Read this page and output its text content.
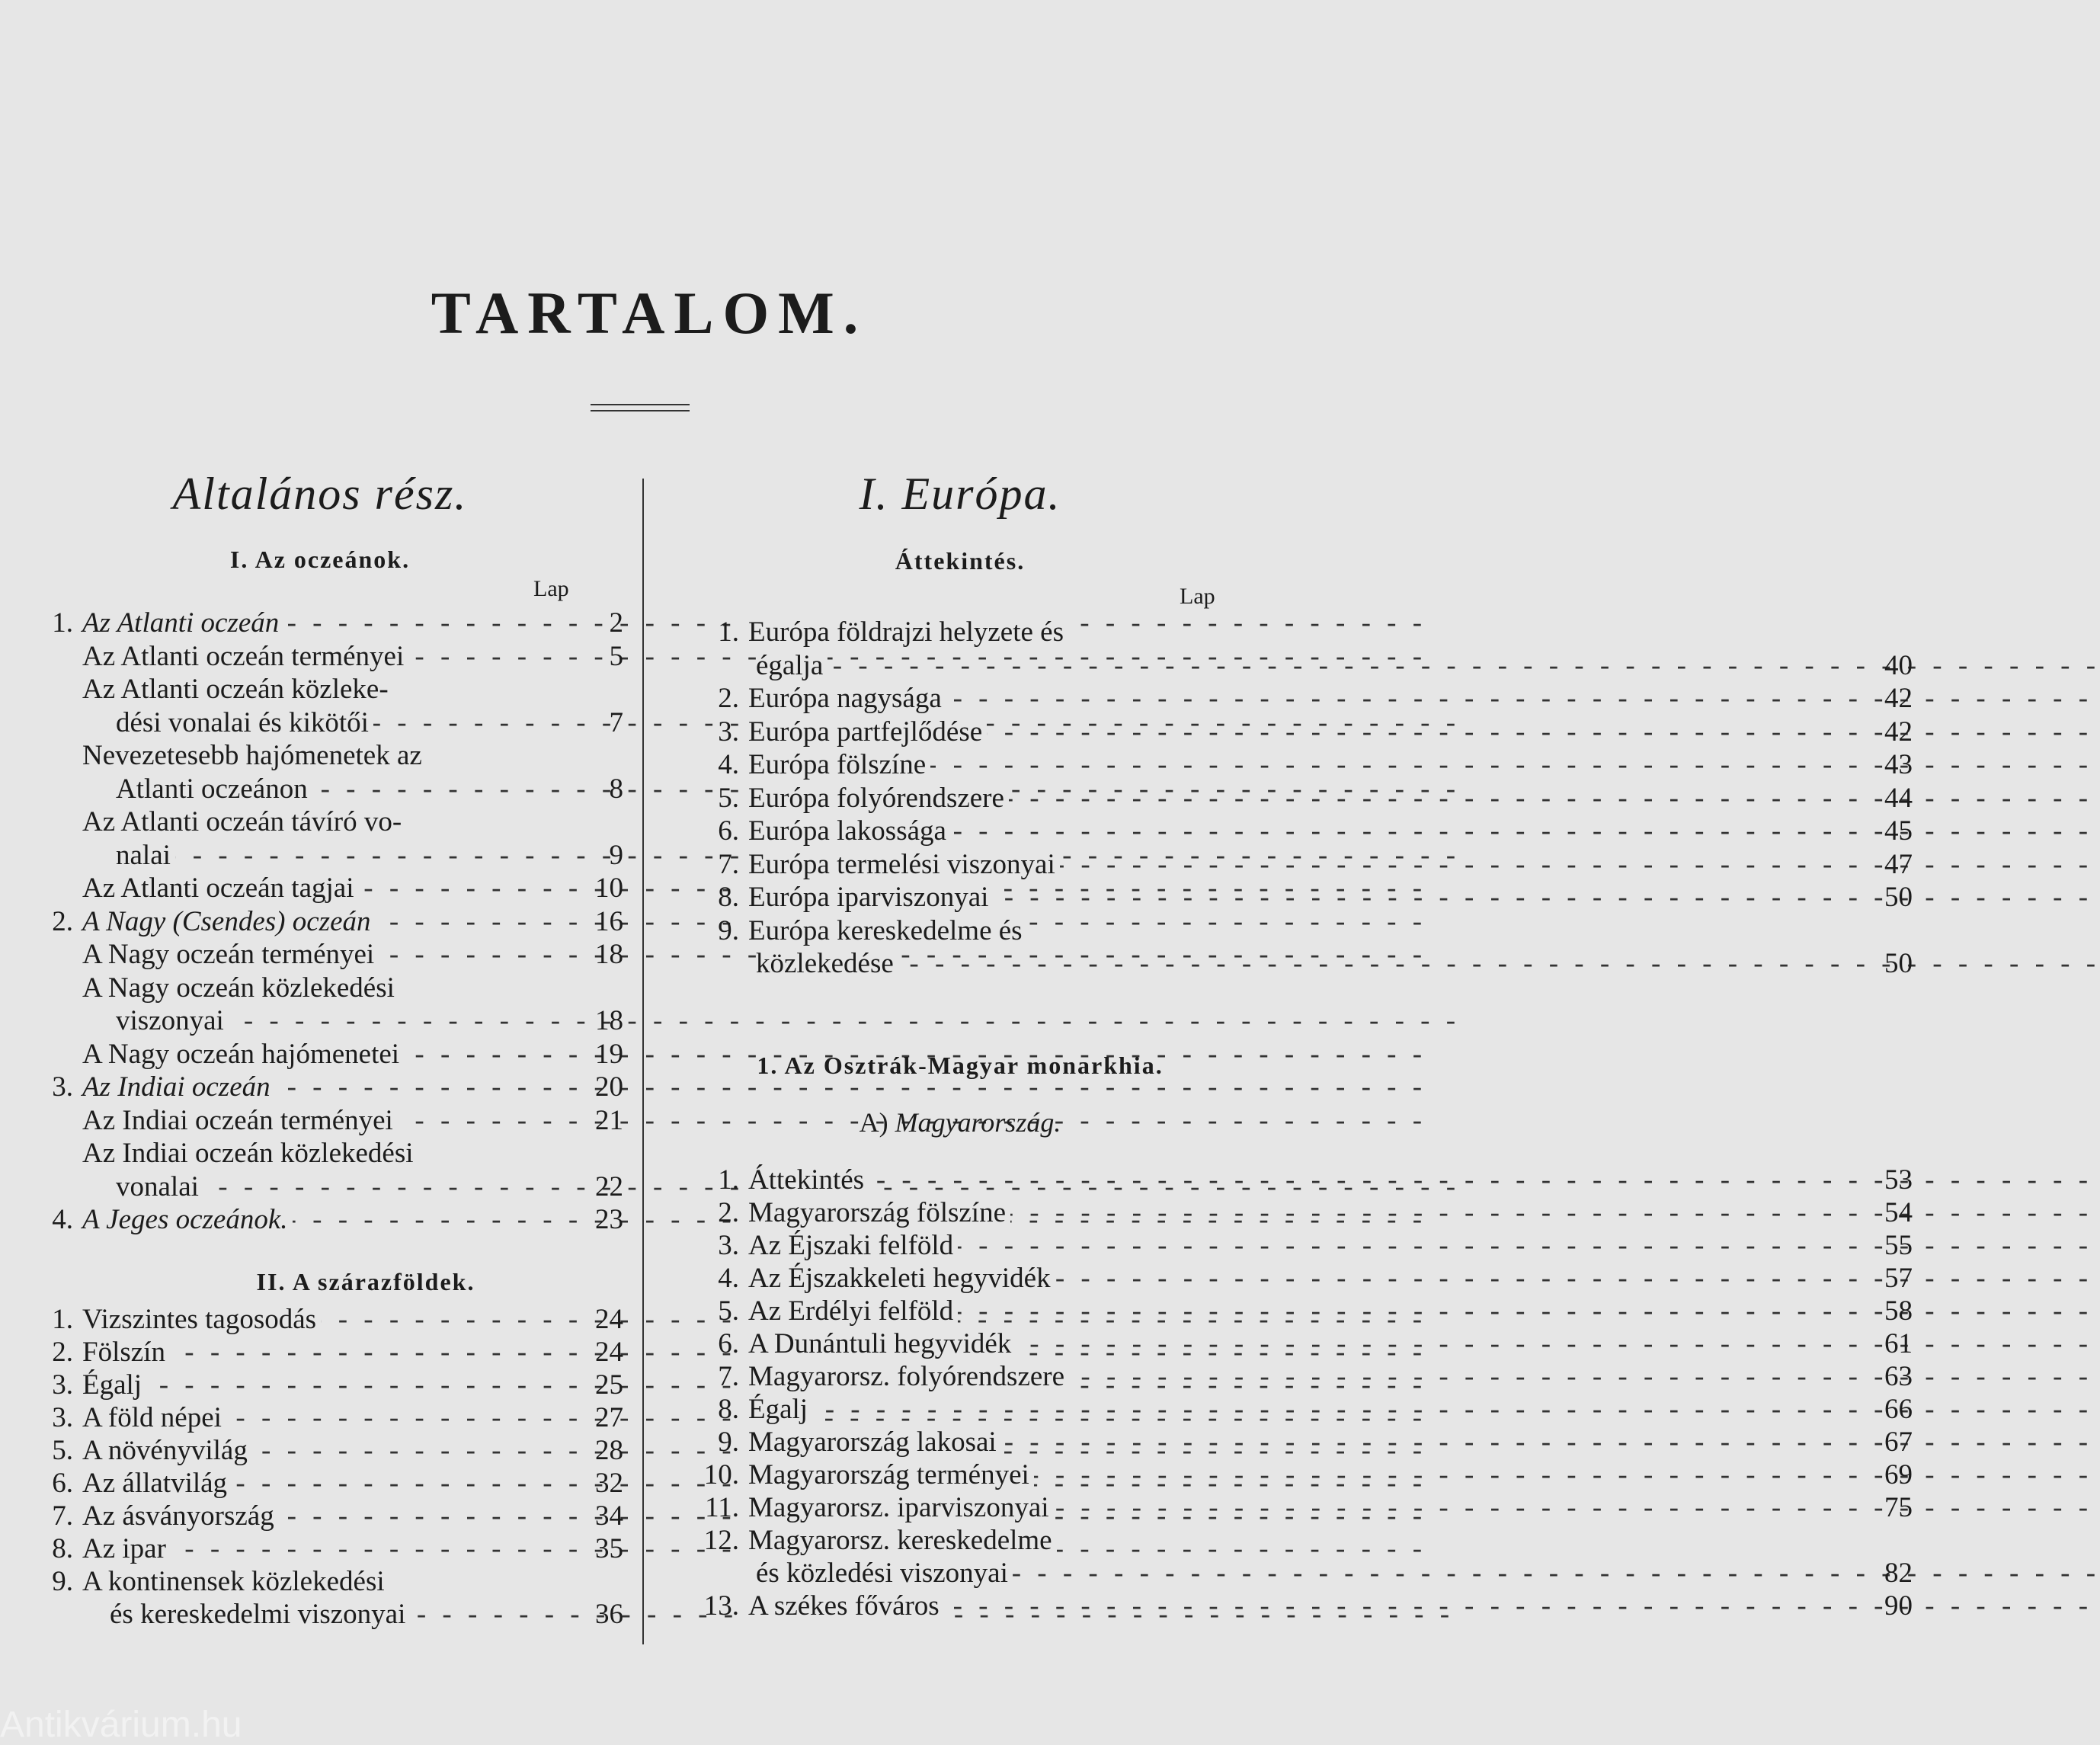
TARTALOM.
Altalános rész.
I. Az oczeánok.
Lap
1. Az Atlanti oczeán - - -	2
Az Atlanti oczeán terményei - - -	5
Az Atlanti oczeán közleke-
dési vonalai és kikötői - - -	7
Nevezetesebb hajómenetek az
Atlanti oczeánon - - -	8
Az Atlanti oczeán távíró vo-
nalai - - -	9
Az Atlanti oczeán tagjai - - -	10
2. A Nagy (Csendes) oczeán - - -	16
A Nagy oczeán terményei - - -	18
A Nagy oczeán közlekedési
viszonyai - - -	18
A Nagy oczeán hajómenetei - - -	19
3. Az Indiai oczeán - - -	20
Az Indiai oczeán terményei - - -	21
Az Indiai oczeán közlekedési
vonalai - - -	22
4. A Jeges oczeánok. - - -	23
II. A szárazföldek.
1. Vizszintes tagosodás - - -	24
2. Fölszín - - -	24
3. Égalj - - -	25
3. A föld népei - - -	27
5. A növényvilág - - -	28
6. Az állatvilág - - -	32
7. Az ásványország - - -	34
8. Az ipar - - -	35
9. A kontinensek közlekedési
és kereskedelmi viszonyai - - -	36
I. Európa.
Áttekintés.
Lap
1. Európa földrajzi helyzete és
égalja - - -	40
2. Európa nagysága - - -	42
3. Európa partfejlődése - - -	42
4. Európa fölszíne - - -	43
5. Európa folyórendszere - - -	44
6. Európa lakossága - - -	45
7. Európa termelési viszonyai - - -	47
8. Európa iparviszonyai - - -	50
9. Európa kereskedelme és
közlekedése - - -	50
1. Az Osztrák-Magyar monarkhia.
A) Magyarország.
1. Áttekintés - - -	53
2. Magyarország fölszíne - - -	54
3. Az Éjszaki felföld - - -	55
4. Az Éjszakkeleti hegyvidék - - -	57
5. Az Erdélyi felföld - - -	58
6. A Dunántuli hegyvidék - - -	61
7. Magyarorsz. folyórendszere - - -	63
8. Égalj - - -	66
9. Magyarország lakosai - - -	67
10. Magyarország terményei - - -	69
11. Magyarorsz. iparviszonyai - - -	75
12. Magyarorsz. kereskedelme
és közledési viszonyai - - -	82
13. A székes főváros - - -	90
Antikvárium.hu
